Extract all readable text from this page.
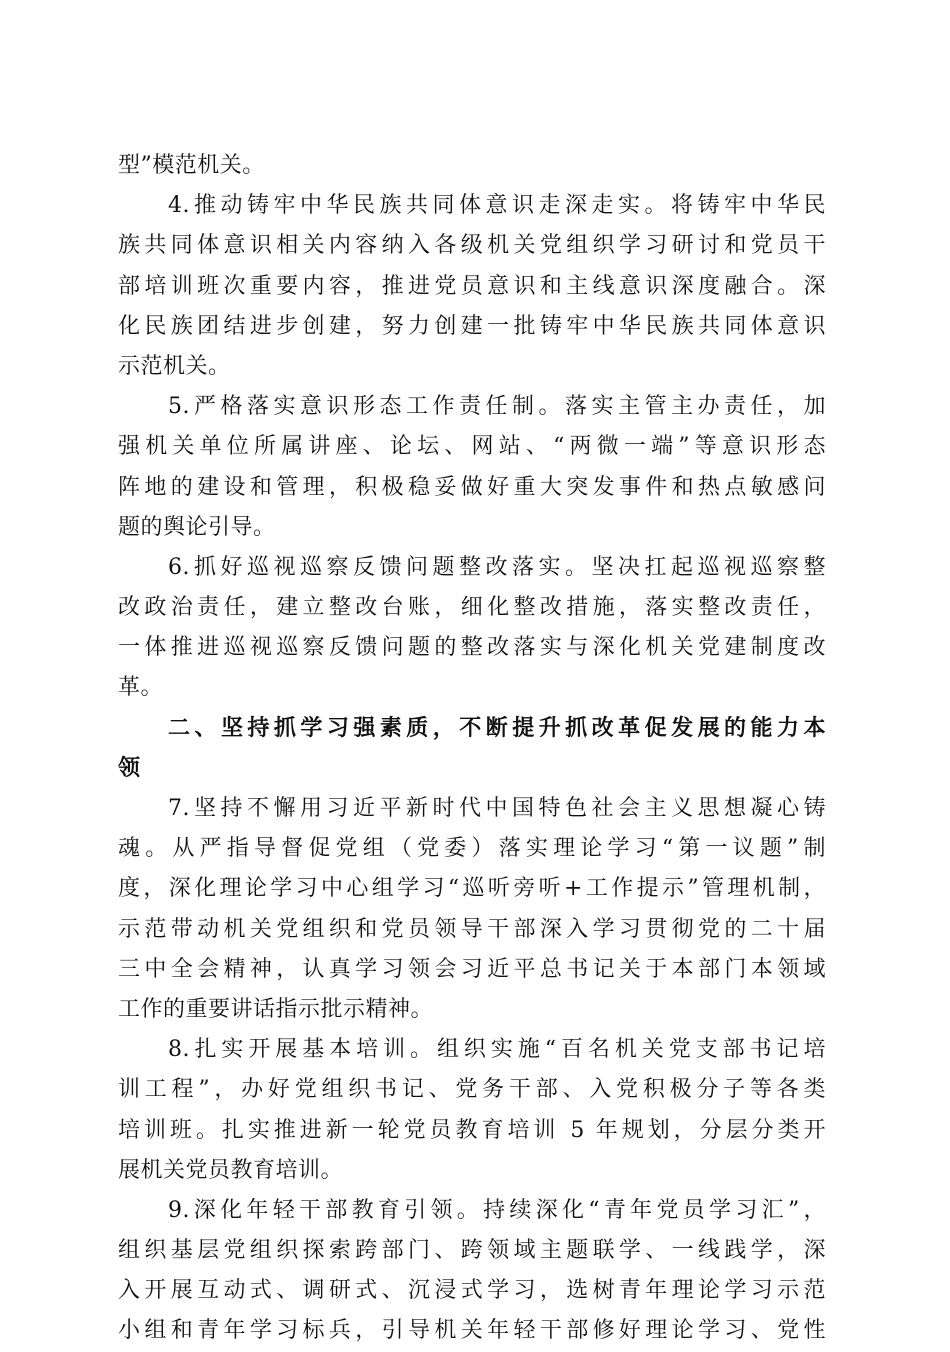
型”模范机关。
4.推动铸牢中华民族共同体意识走深走实。将铸牢中华民
族共同体意识相关内容纳入各级机关党组织学习研讨和党员干
部培训班次重要内容，推进党员意识和主线意识深度融合。深
化民族团结进步创建，努力创建一批铸牢中华民族共同体意识
示范机关。
5.严格落实意识形态工作责任制。落实主管主办责任，加
强机关单位所属讲座、论坛、网站、“两微一端”等意识形态
阵地的建设和管理，积极稳妥做好重大突发事件和热点敏感问
题的舆论引导。
6.抓好巡视巡察反馈问题整改落实。坚决扛起巡视巡察整
改政治责任，建立整改台账，细化整改措施，落实整改责任，
一体推进巡视巡察反馈问题的整改落实与深化机关党建制度改
革。
二、坚持抓学习强素质，不断提升抓改革促发展的能力本
领
7.坚持不懈用习近平新时代中国特色社会主义思想凝心铸
魂。从严指导督促党组（党委）落实理论学习“第一议题”制
度，深化理论学习中心组学习“巡听旁听+工作提示”管理机制，
示范带动机关党组织和党员领导干部深入学习贯彻党的二十届
三中全会精神，认真学习领会习近平总书记关于本部门本领域
工作的重要讲话指示批示精神。
8.扎实开展基本培训。组织实施“百名机关党支部书记培
训工程”，办好党组织书记、党务干部、入党积极分子等各类
培训班。扎实推进新一轮党员教育培训 5 年规划，分层分类开
展机关党员教育培训。
9.深化年轻干部教育引领。持续深化“青年党员学习汇”，
组织基层党组织探索跨部门、跨领域主题联学、一线践学，深
入开展互动式、调研式、沉浸式学习，选树青年理论学习示范
小组和青年学习标兵，引导机关年轻干部修好理论学习、党性
